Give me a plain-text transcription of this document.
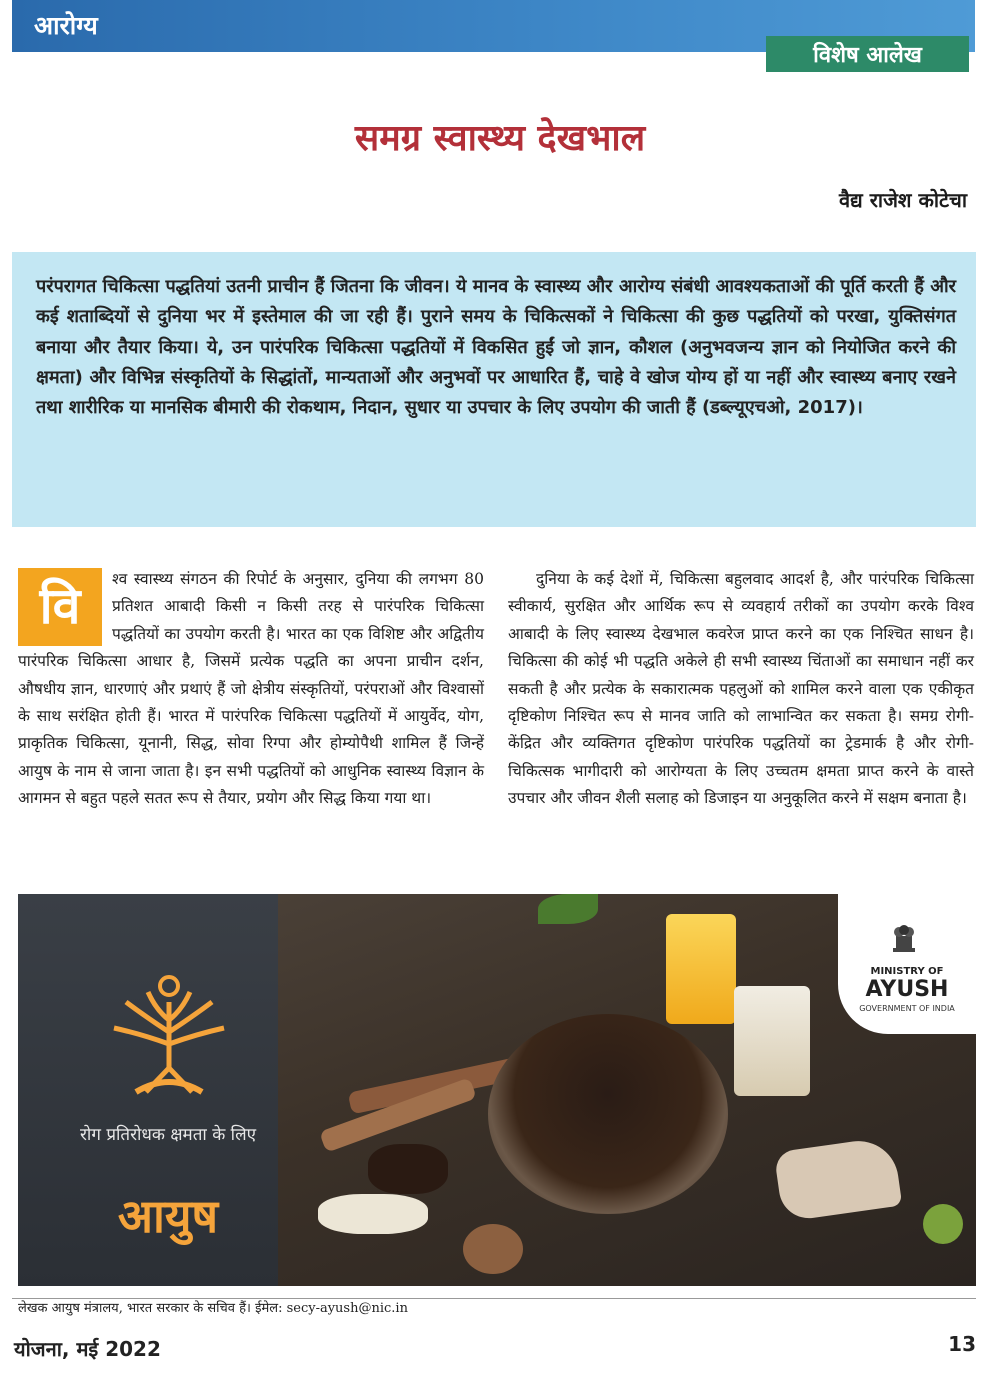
आरोग्य
विशेष आलेख
समग्र स्वास्थ्य देखभाल
वैद्य राजेश कोटेचा

परंपरागत चिकित्सा पद्धतियां उतनी प्राचीन हैं जितना कि जीवन। ये मानव के स्वास्थ्य और आरोग्य संबंधी आवश्यकताओं की पूर्ति करती हैं और कई शताब्दियों से दुनिया भर में इस्तेमाल की जा रही हैं। पुराने समय के चिकित्सकों ने चिकित्सा की कुछ पद्धतियों को परखा, युक्तिसंगत बनाया और तैयार किया। ये, उन पारंपरिक चिकित्सा पद्धतियों में विकसित हुईं जो ज्ञान, कौशल (अनुभवजन्य ज्ञान को नियोजित करने की क्षमता) और विभिन्न संस्कृतियों के सिद्धांतों, मान्यताओं और अनुभवों पर आधारित हैं, चाहे वे खोज योग्य हों या नहीं और स्वास्थ्य बनाए रखने तथा शारीरिक या मानसिक बीमारी की रोकथाम, निदान, सुधार या उपचार के लिए उपयोग की जाती हैं (डब्ल्यूएचओ, 2017)।

वि	श्व स्वास्थ्य संगठन की रिपोर्ट के अनुसार, दुनिया की लगभग 80 प्रतिशत आबादी किसी न किसी तरह से पारंपरिक चिकित्सा पद्धतियों का उपयोग करती है। भारत का एक विशिष्ट और अद्वितीय पारंपरिक चिकित्सा आधार है, जिसमें प्रत्येक पद्धति का अपना प्राचीन दर्शन, औषधीय ज्ञान, धारणाएं और प्रथाएं हैं जो क्षेत्रीय संस्कृतियों, परंपराओं और विश्वासों के साथ सरंक्षित होती हैं। भारत में पारंपरिक चिकित्सा पद्धतियों में आयुर्वेद, योग, प्राकृतिक चिकित्सा, यूनानी, सिद्ध, सोवा रिग्पा और होम्योपैथी शामिल हैं जिन्हें आयुष के नाम से जाना जाता है। इन सभी पद्धतियों को आधुनिक स्वास्थ्य विज्ञान के आगमन से बहुत पहले सतत रूप से तैयार, प्रयोग और सिद्ध किया गया था।
दुनिया के कई देशों में, चिकित्सा बहुलवाद आदर्श है, और पारंपरिक चिकित्सा स्वीकार्य, सुरक्षित और आर्थिक रूप से व्यवहार्य तरीकों का उपयोग करके विश्व आबादी के लिए स्वास्थ्य देखभाल कवरेज प्राप्त करने का एक निश्चित साधन है। चिकित्सा की कोई भी पद्धति अकेले ही सभी स्वास्थ्य चिंताओं का समाधान नहीं कर सकती है और प्रत्येक के सकारात्मक पहलुओं को शामिल करने वाला एक एकीकृत दृष्टिकोण निश्चित रूप से मानव जाति को लाभान्वित कर सकता है। समग्र रोगी-केंद्रित और व्यक्तिगत दृष्टिकोण पारंपरिक पद्धतियों का ट्रेडमार्क है और रोगी-चिकित्सक भागीदारी को आरोग्यता के लिए उच्चतम क्षमता प्राप्त करने के वास्ते उपचार और जीवन शैली सलाह को डिजाइन या अनुकूलित करने में सक्षम बनाता है।
रोग प्रतिरोधक क्षमता के लिए
आयुष
MINISTRY OF
AYUSH
GOVERNMENT OF INDIA
लेखक आयुष मंत्रालय, भारत सरकार के सचिव हैं। ईमेल: secy-ayush@nic.in
योजना, मई 2022	13
